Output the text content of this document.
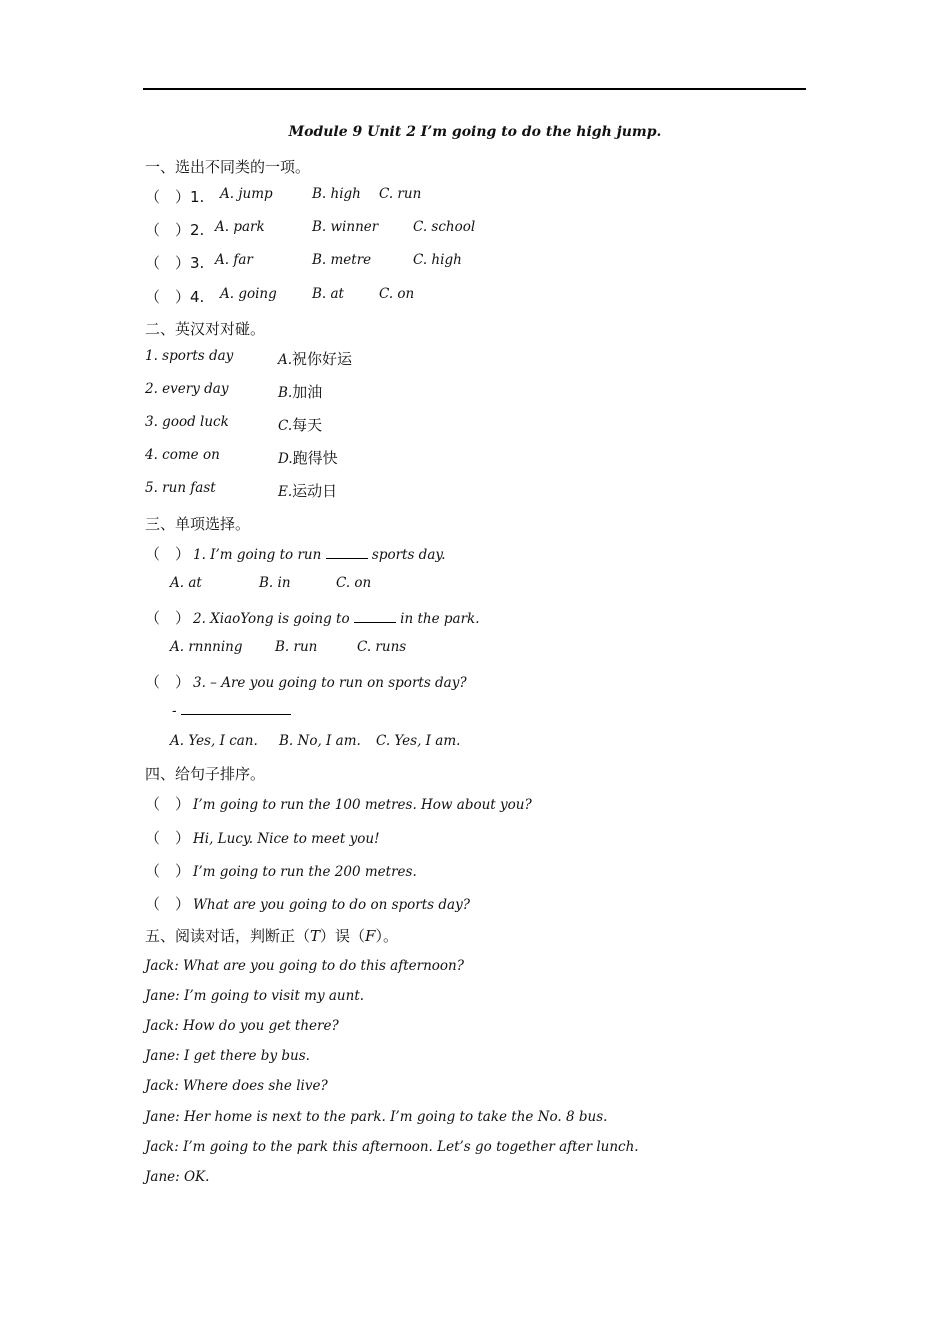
Module 9 Unit 2 I’m going to do the high jump.
一、选出不同类的一项。
（　）1. A. jump	B. high C. run
（　）2. A. park	B. winner	C. school
（　）3. A. far	B. metre	C. high
（　）4. A. going	B. at	C. on
二、英汉对对碰。
1. sports day	A.祝你好运
2. every day	B.加油
3. good luck	C.每天
4. come on	D.跑得快
5. run fast	E.运动日
三、单项选择。
（　） 1. I’m going to run	sports day.
A. at	B. in	C. on
（　） 2. XiaoYong is going to	in the park.
A. rnnning B. run	C. runs
（　） 3. – Are you going to run on sports day?
-
A. Yes, I can. B. No, I am. C. Yes, I am.
四、给句子排序。
（　） I’m going to run the 100 metres. How about you?
（　） Hi, Lucy. Nice to meet you!
（　） I’m going to run the 200 metres.
（　） What are you going to do on sports day?
五、阅读对话，判断正（T）误（F）。
Jack: What are you going to do this afternoon?
Jane: I’m going to visit my aunt.
Jack: How do you get there?
Jane: I get there by bus.
Jack: Where does she live?
Jane: Her home is next to the park. I’m going to take the No. 8 bus.
Jack: I’m going to the park this afternoon. Let’s go together after lunch.
Jane: OK.
